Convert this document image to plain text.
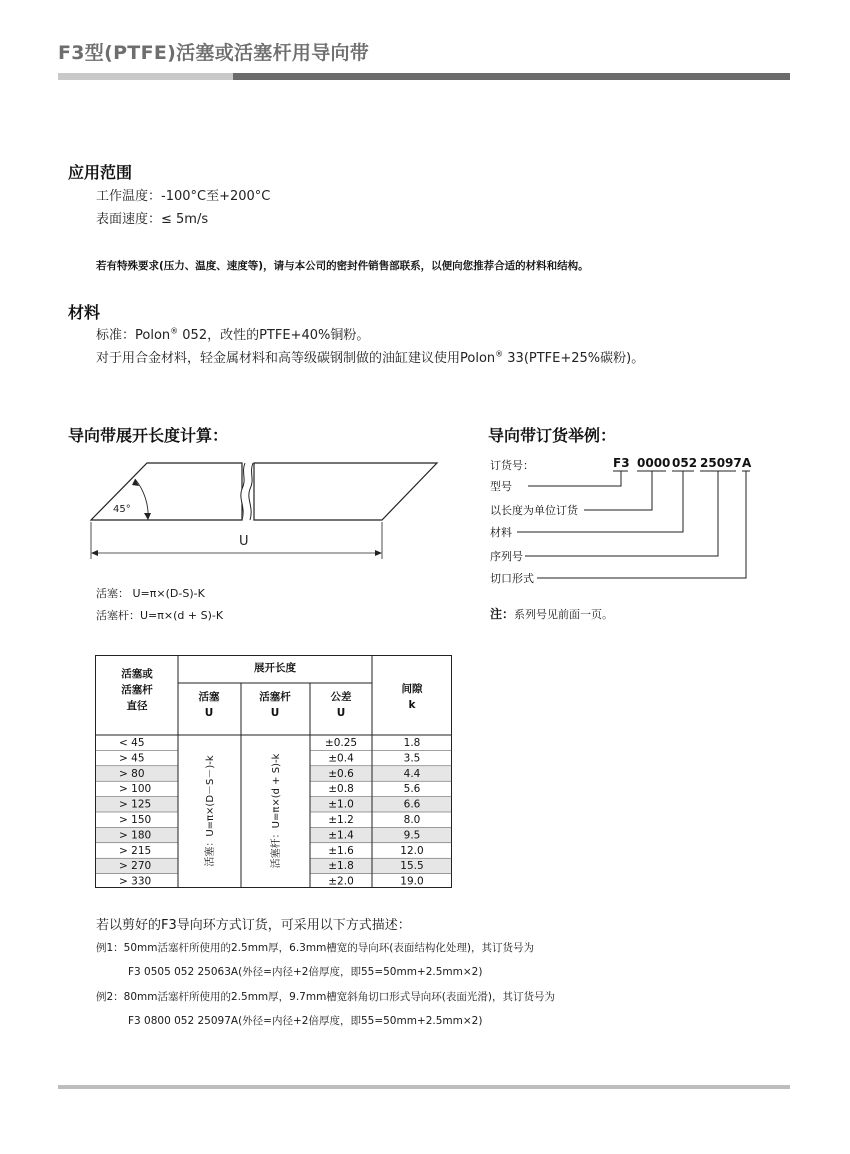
F3型(PTFE)活塞或活塞杆用导向带
应用范围
工作温度：-100°C至+200°C
表面速度：≤ 5m/s
若有特殊要求(压力、温度、速度等)，请与本公司的密封件销售部联系，以便向您推荐合适的材料和结构。
材料
标准：Polon® 052，改性的PTFE+40%铜粉。
对于用合金材料，轻金属材料和高等级碳钢制做的油缸建议使用Polon® 33(PTFE+25%碳粉)。
导向带展开长度计算：
45°
U
活塞： U=π×(D-S)-K
活塞杆：U=π×(d + S)-K
导向带订货举例：
订货号：	F3 0000 052 25097 A
型号
以长度为单位订货
材料
序列号
切口形式
注：系列号见前面一页。
活塞或
活塞杆
直径
展开长度
活塞
U
活塞杆
U
公差
U
间隙
k
< 45
> 45
> 80
> 100
> 125
> 150
> 180
> 215
> 270
> 330
±0.25
±0.4
±0.6
±0.8
±1.0
±1.2
±1.4
±1.6
±1.8
±2.0
1.8
3.5
4.4
5.6
6.6
8.0
9.5
12.0
15.5
19.0
活塞：U=π×(D－S－)-k	活塞杆：U=π×(d + S)-k
若以剪好的F3导向环方式订货，可采用以下方式描述：
例1：50mm活塞杆所使用的2.5mm厚，6.3mm槽宽的导向环(表面结构化处理)，其订货号为
F3 0505 052 25063A(外径=内径+2倍厚度，即55=50mm+2.5mm×2)
例2：80mm活塞杆所使用的2.5mm厚，9.7mm槽宽斜角切口形式导向环(表面光滑)，其订货号为
F3 0800 052 25097A(外径=内径+2倍厚度，即55=50mm+2.5mm×2)
